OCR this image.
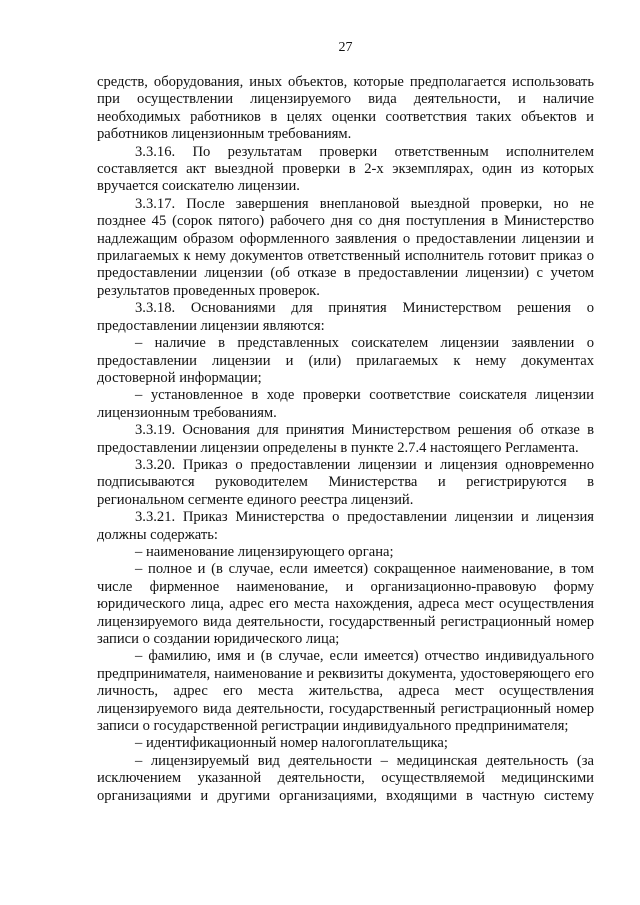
27

средств, оборудования, иных объектов, которые предполагается использовать при осуществлении лицензируемого вида деятельности, и наличие необходимых работников в целях оценки соответствия таких объектов и работников лицензионным требованиям.

3.3.16. По результатам проверки ответственным исполнителем составляется акт выездной проверки в 2-х экземплярах, один из которых вручается соискателю лицензии.

3.3.17. После завершения внеплановой выездной проверки, но не позднее 45 (сорок пятого) рабочего дня со дня поступления в Министерство надлежащим образом оформленного заявления о предоставлении лицензии и прилагаемых к нему документов ответственный исполнитель готовит приказ о предоставлении лицензии (об отказе в предоставлении лицензии) с учетом результатов проведенных проверок.

3.3.18. Основаниями для принятия Министерством решения о предоставлении лицензии являются:

– наличие в представленных соискателем лицензии заявлении о предоставлении лицензии и (или) прилагаемых к нему документах достоверной информации;

– установленное в ходе проверки соответствие соискателя лицензии лицензионным требованиям.

3.3.19. Основания для принятия Министерством решения об отказе в предоставлении лицензии определены в пункте 2.7.4 настоящего Регламента.

3.3.20. Приказ о предоставлении лицензии и лицензия одновременно подписываются руководителем Министерства и регистрируются в региональном сегменте единого реестра лицензий.

3.3.21. Приказ Министерства о предоставлении лицензии и лицензия должны содержать:

– наименование лицензирующего органа;

– полное и (в случае, если имеется) сокращенное наименование, в том числе фирменное наименование, и организационно-правовую форму юридического лица, адрес его места нахождения, адреса мест осуществления лицензируемого вида деятельности, государственный регистрационный номер записи о создании юридического лица;

– фамилию, имя и (в случае, если имеется) отчество индивидуального предпринимателя, наименование и реквизиты документа, удостоверяющего его личность, адрес его места жительства, адреса мест осуществления лицензируемого вида деятельности, государственный регистрационный номер записи о государственной регистрации индивидуального предпринимателя;

– идентификационный номер налогоплательщика;

– лицензируемый вид деятельности – медицинская деятельность (за исключением указанной деятельности, осуществляемой медицинскими организациями и другими организациями, входящими в частную систему
